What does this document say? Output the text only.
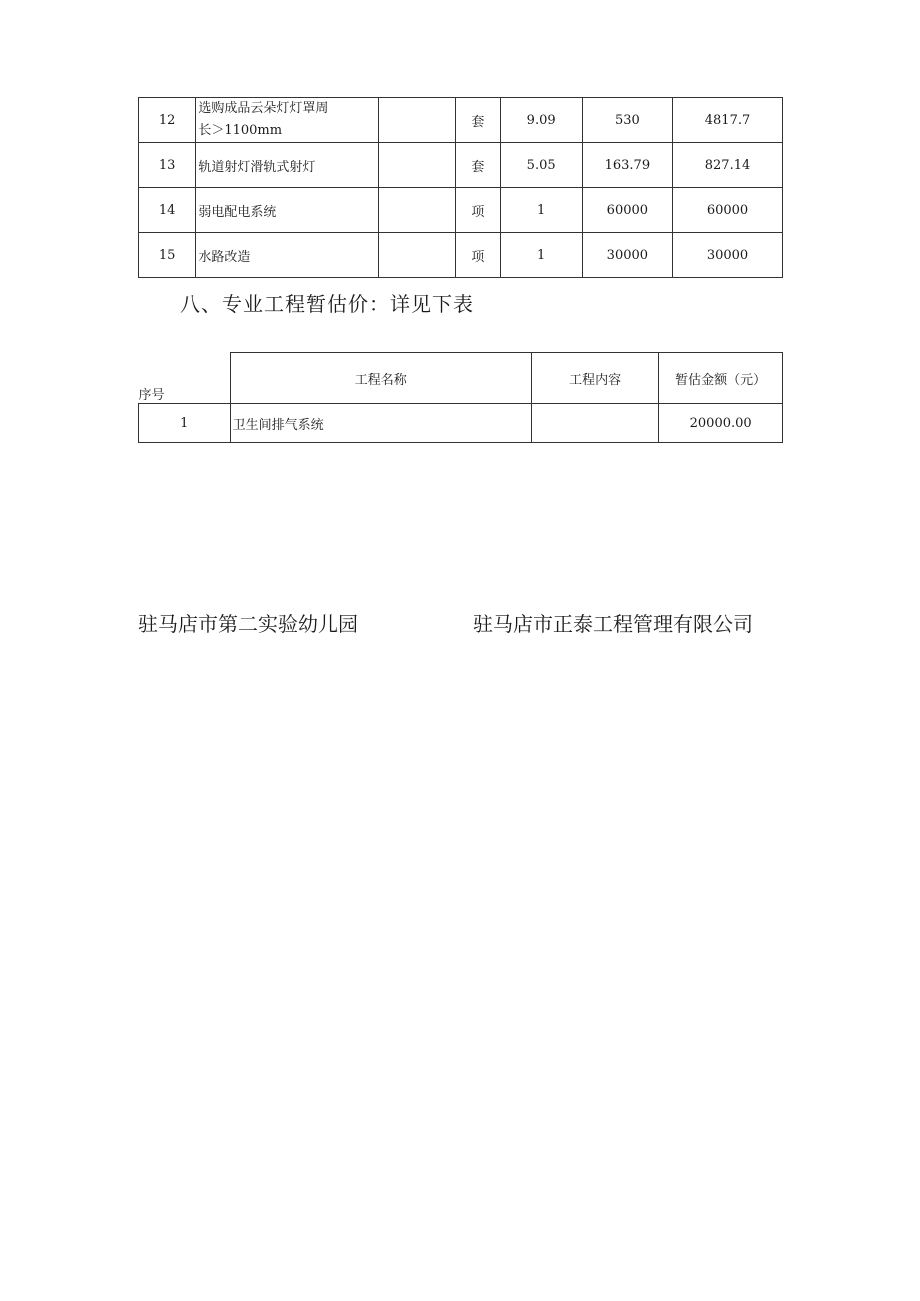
12	选购成品云朵灯灯罩周
长＞1100mm		套	9.09	530	4817.7
13	轨道射灯滑轨式射灯		套	5.05	163.79	827.14
14	弱电配电系统		项	1	60000	60000
15	水路改造		项	1	30000	30000
八、专业工程暂估价：详见下表
序号	工程名称	工程内容	暂估金额（元）
1	卫生间排气系统		20000.00
驻马店市第二实验幼儿园	驻马店市正泰工程管理有限公司
